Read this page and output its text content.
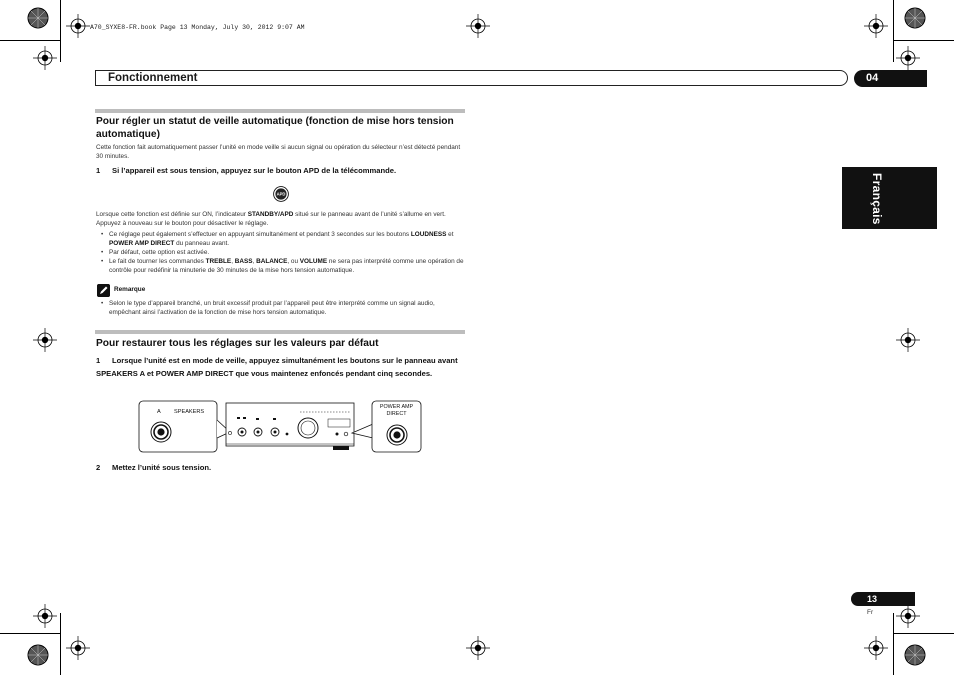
A70_SYXE8-FR.book Page 13 Monday, July 30, 2012 9:07 AM
Fonctionnement	04
Français
Pour régler un statut de veille automatique (fonction de mise hors tension automatique)
Cette fonction fait automatiquement passer l’unité en mode veille si aucun signal ou opération du sélecteur n’est détecté pendant 30 minutes.
1 Si l’appareil est sous tension, appuyez sur le bouton APD de la télécommande.
APD
Lorsque cette fonction est définie sur ON, l’indicateur STANDBY/APD situé sur le panneau avant de l’unité s’allume en vert. Appuyez à nouveau sur le bouton pour désactiver le réglage.
• Ce réglage peut également s’effectuer en appuyant simultanément et pendant 3 secondes sur les boutons LOUDNESS et POWER AMP DIRECT du panneau avant.
• Par défaut, cette option est activée.
• Le fait de tourner les commandes TREBLE, BASS, BALANCE, ou VOLUME ne sera pas interprété comme une opération de contrôle pour redéfinir la minuterie de 30 minutes de la mise hors tension automatique.
Remarque
• Selon le type d’appareil branché, un bruit excessif produit par l’appareil peut être interprété comme un signal audio, empêchant ainsi l’activation de la fonction de mise hors tension automatique.
Pour restaurer tous les réglages sur les valeurs par défaut
1 Lorsque l’unité est en mode de veille, appuyez simultanément les boutons sur le panneau avant SPEAKERS A et POWER AMP DIRECT que vous maintenez enfoncés pendant cinq secondes.
A SPEAKERS
POWER AMP
DIRECT
2 Mettez l’unité sous tension.
13
Fr
